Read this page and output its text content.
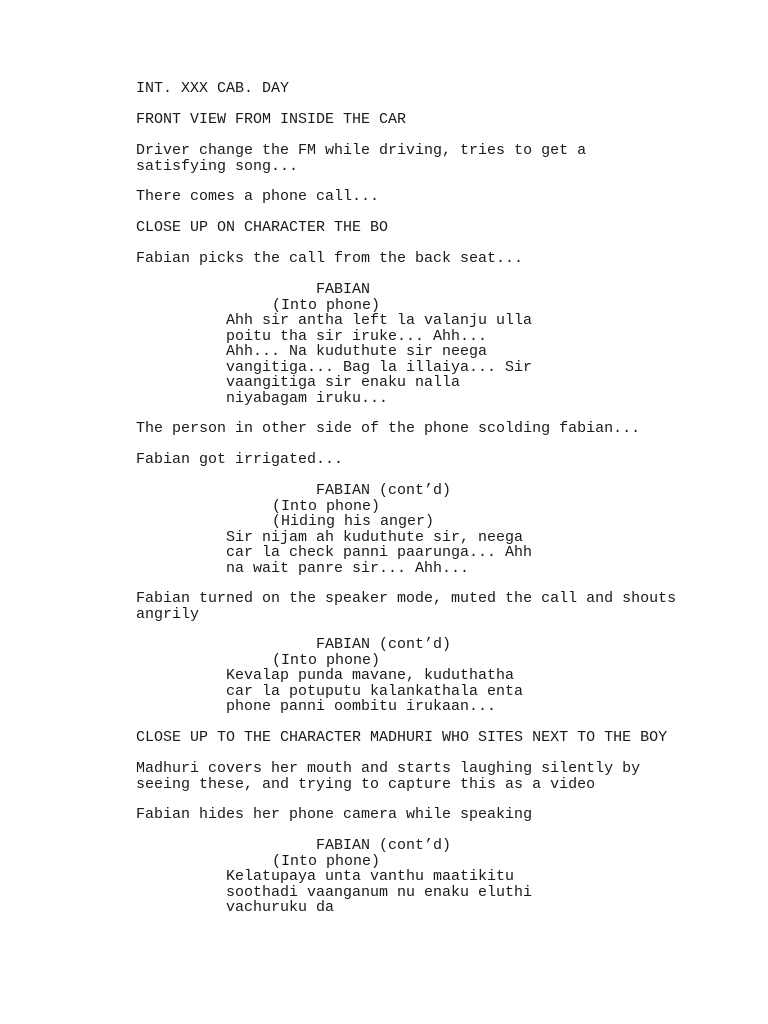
INT. XXX CAB. DAY
FRONT VIEW FROM INSIDE THE CAR
Driver change the FM while driving, tries to get a
satisfying song...
There comes a phone call...
CLOSE UP ON CHARACTER THE BO
Fabian picks the call from the back seat...
FABIAN
(Into phone)
Ahh sir antha left la valanju ulla
poitu tha sir iruke... Ahh...
Ahh... Na kuduthute sir neega
vangitiga... Bag la illaiya... Sir
vaangitiga sir enaku nalla
niyabagam iruku...
The person in other side of the phone scolding fabian...
Fabian got irrigated...
FABIAN (cont’d)
(Into phone)
(Hiding his anger)
Sir nijam ah kuduthute sir, neega
car la check panni paarunga... Ahh
na wait panre sir... Ahh...
Fabian turned on the speaker mode, muted the call and shouts
angrily
FABIAN (cont’d)
(Into phone)
Kevalap punda mavane, kuduthatha
car la potuputu kalankathala enta
phone panni oombitu irukaan...
CLOSE UP TO THE CHARACTER MADHURI WHO SITES NEXT TO THE BOY
Madhuri covers her mouth and starts laughing silently by
seeing these, and trying to capture this as a video
Fabian hides her phone camera while speaking
FABIAN (cont’d)
(Into phone)
Kelatupaya unta vanthu maatikitu
soothadi vaanganum nu enaku eluthi
vachuruku da
